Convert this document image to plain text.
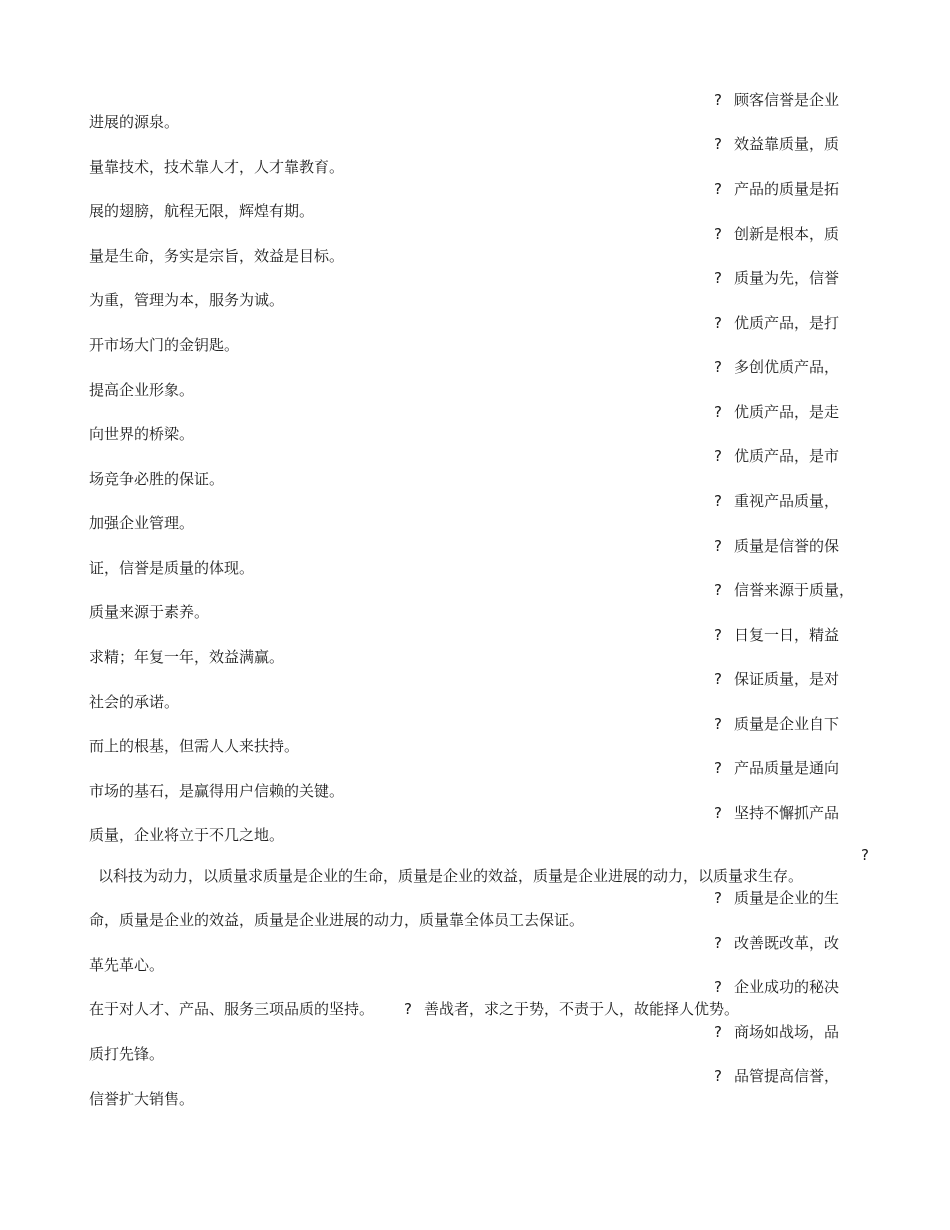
? 顾客信誉是企业
进展的源泉。
? 效益靠质量，质
量靠技术，技术靠人才，人才靠教育。
? 产品的质量是拓
展的翅膀，航程无限，辉煌有期。
? 创新是根本，质
量是生命，务实是宗旨，效益是目标。
? 质量为先，信誉
为重，管理为本，服务为诚。
? 优质产品，是打
开市场大门的金钥匙。
? 多创优质产品，
提高企业形象。
? 优质产品，是走
向世界的桥梁。
? 优质产品，是市
场竞争必胜的保证。
? 重视产品质量，
加强企业管理。
? 质量是信誉的保
证，信誉是质量的体现。
? 信誉来源于质量，
质量来源于素养。
? 日复一日，精益
求精；年复一年，效益满赢。
? 保证质量，是对
社会的承诺。
? 质量是企业自下
而上的根基，但需人人来扶持。
? 产品质量是通向
市场的基石，是赢得用户信赖的关键。
? 坚持不懈抓产品
质量，企业将立于不几之地。
?
以科技为动力，以质量求质量是企业的生命，质量是企业的效益，质量是企业进展的动力，以质量求生存。
? 质量是企业的生
命，质量是企业的效益，质量是企业进展的动力，质量靠全体员工去保证。
? 改善既改革，改
革先革心。
? 企业成功的秘决
在于对人才、产品、服务三项品质的坚持。 ? 善战者，求之于势，不责于人，故能择人优势。
? 商场如战场，品
质打先锋。
? 品管提高信誉，
信誉扩大销售。
